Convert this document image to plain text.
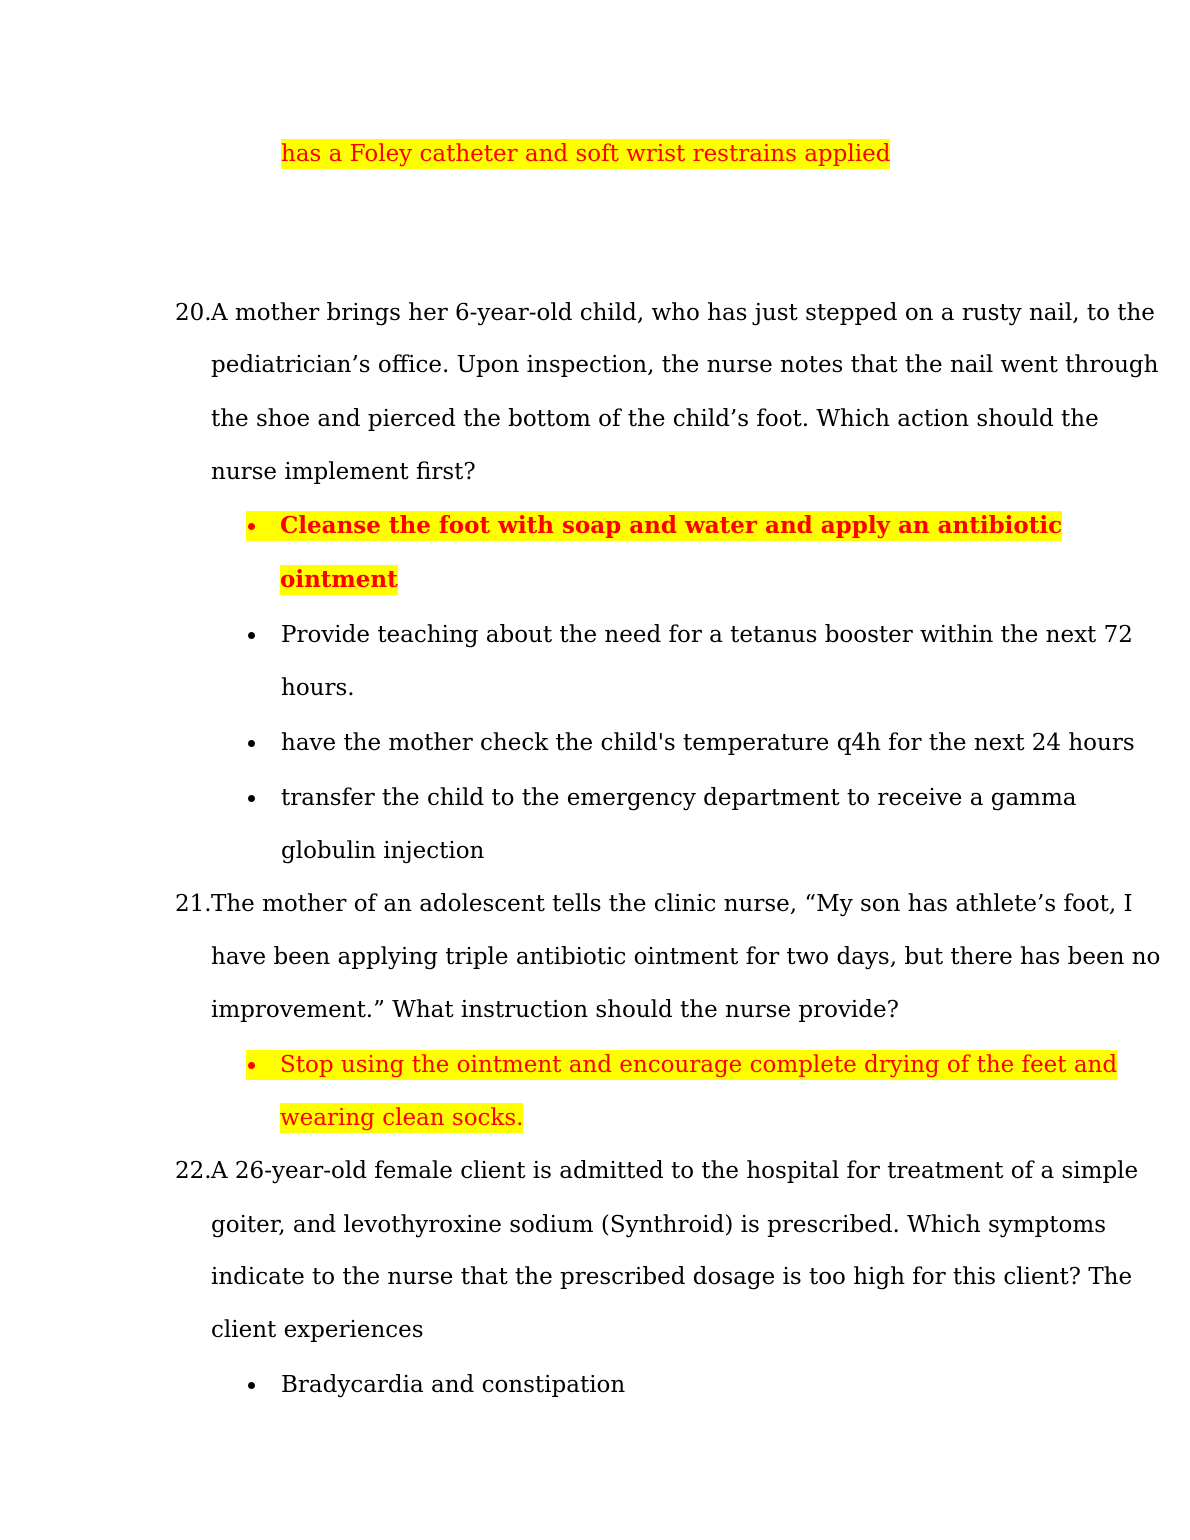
has a Foley catheter and soft wrist restrains applied
20. A mother brings her 6-year-old child, who has just stepped on a rusty nail, to the
pediatrician’s office. Upon inspection, the nurse notes that the nail went through
the shoe and pierced the bottom of the child’s foot. Which action should the
nurse implement first?
Cleanse the foot with soap and water and apply an antibiotic
ointment
Provide teaching about the need for a tetanus booster within the next 72
hours.
have the mother check the child's temperature q4h for the next 24 hours
transfer the child to the emergency department to receive a gamma
globulin injection
21. The mother of an adolescent tells the clinic nurse, “My son has athlete’s foot, I
have been applying triple antibiotic ointment for two days, but there has been no
improvement.” What instruction should the nurse provide?
Stop using the ointment and encourage complete drying of the feet and
wearing clean socks.
22. A 26-year-old female client is admitted to the hospital for treatment of a simple
goiter, and levothyroxine sodium (Synthroid) is prescribed. Which symptoms
indicate to the nurse that the prescribed dosage is too high for this client? The
client experiences
Bradycardia and constipation
